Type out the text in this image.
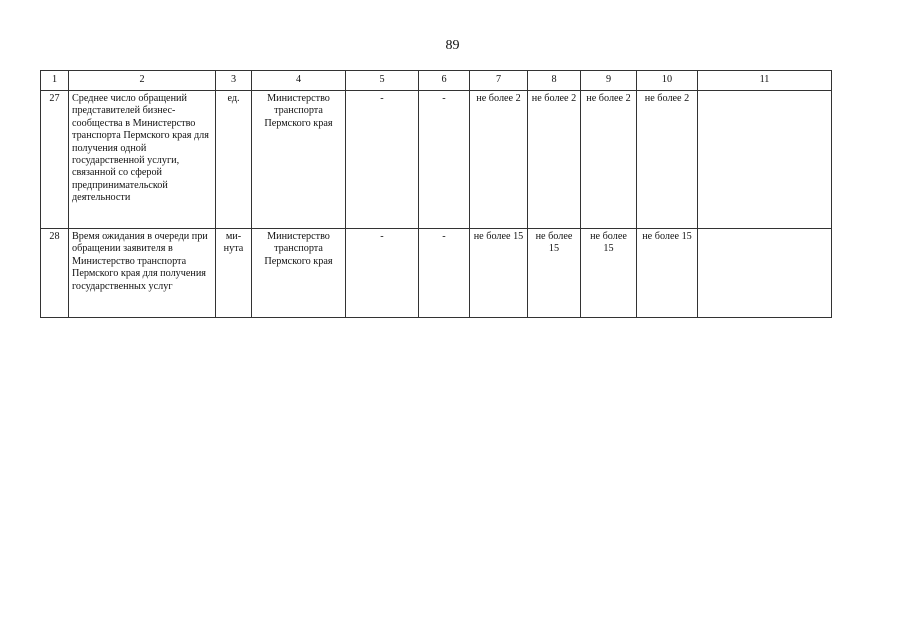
89
1	2	3	4	5	6	7	8	9	10	11
27	Среднее число обращений представителей бизнес-сообщества в Министерство транспорта Пермского края для получения одной государственной услуги, связанной со сферой предпринимательской деятельности	ед.	Министерство транспорта Пермского края	-	-	не более 2	не более 2	не более 2	не более 2	
28	Время ожидания в очереди при обращении заявителя в Министерство транспорта Пермского края для получения государственных услуг	ми-нута	Министерство транспорта Пермского края	-	-	не более 15	не более 15	не более 15	не более 15	
